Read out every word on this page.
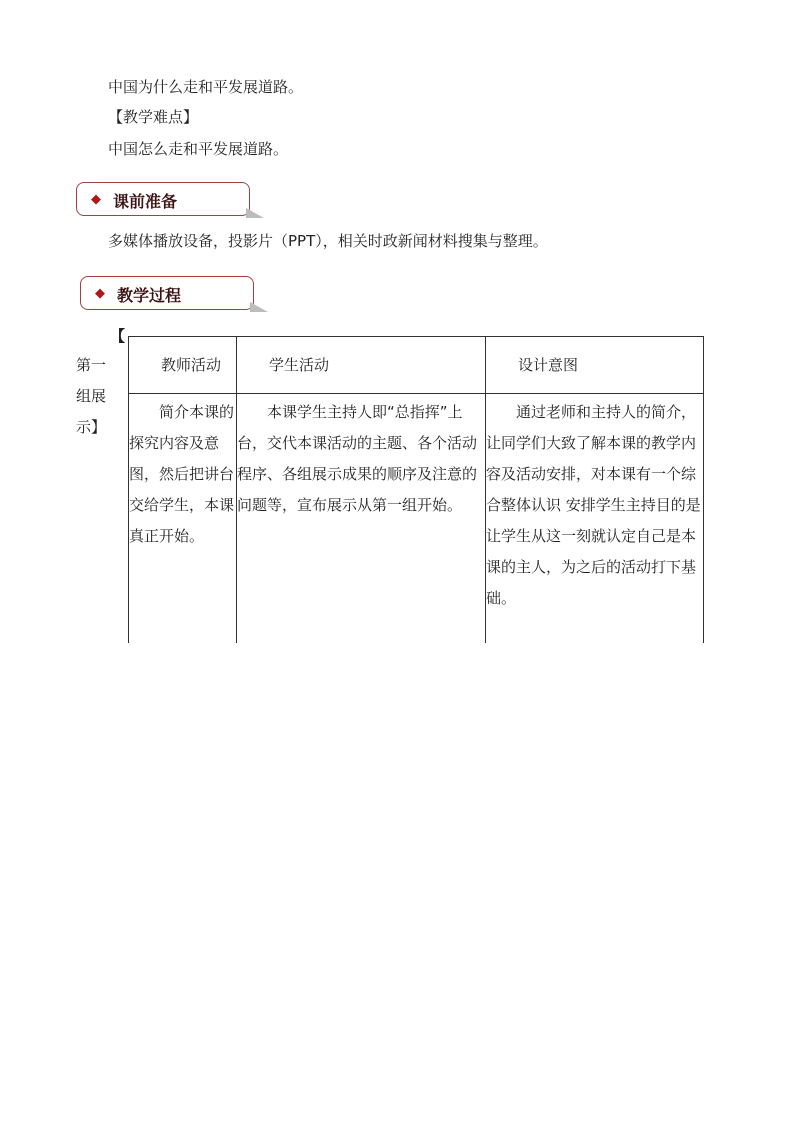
中国为什么走和平发展道路。
【教学难点】
中国怎么走和平发展道路。
◆ 课前准备
多媒体播放设备，投影片（PPT），相关时政新闻材料搜集与整理。
◆ 教学过程
【
第一
组展
示】
教师活动	学生活动	设计意图
简介本课的探究内容及意图，然后把讲台交给学生，本课真正开始。	本课学生主持人即“总指挥”上台，交代本课活动的主题、各个活动程序、各组展示成果的顺序及注意的问题等，宣布展示从第一组开始。	通过老师和主持人的简介，让同学们大致了解本课的教学内容及活动安排，对本课有一个综合整体认识 安排学生主持目的是让学生从这一刻就认定自己是本课的主人，为之后的活动打下基础。
